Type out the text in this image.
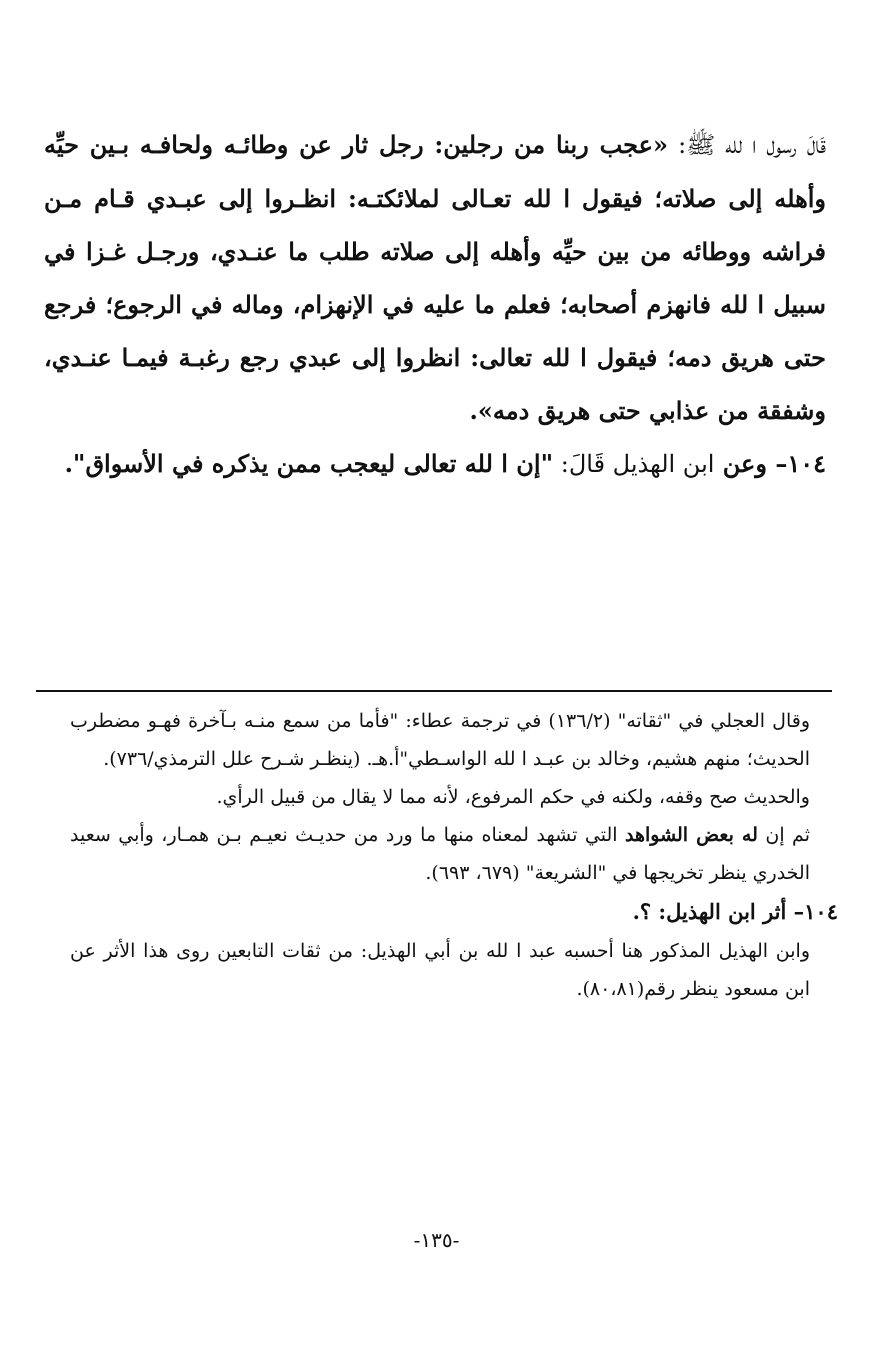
قَالَ رسول ا لله ﷺ: «عجب ربنا من رجلين: رجل ثار عن وطائـه ولحافـه بـين حيِّه وأهله إلى صلاته؛ فيقول ا لله تعـالى لملائكتـه: انظـروا إلى عبـدي قـام مـن فراشه ووطائه من بين حيِّه وأهله إلى صلاته طلب ما عنـدي، ورجـل غـزا في سبيل ا لله فانهزم أصحابه؛ فعلم ما عليه في الإنهزام، وماله في الرجوع؛ فرجع حتى هريق دمه؛ فيقول ا لله تعالى: انظروا إلى عبدي رجع رغبـة فيمـا عنـدي، وشفقة من عذابي حتى هريق دمه».

١٠٤– وعن ابن الهذيل قَالَ: "إن ا لله تعالى ليعجب ممن يذكره في الأسواق".

وقال العجلي في "ثقاته" (١٣٦/٢) في ترجمة عطاء: "فأما من سمع منـه بـآخرة فهـو مضطرب الحديث؛ منهم هشيم، وخالد بن عبـد ا لله الواسـطي"أ.هـ. (ينظـر شـرح علل الترمذي/٧٣٦).

والحديث صح وقفه، ولكنه في حكم المرفوع، لأنه مما لا يقال من قبيل الرأي.

ثم إن له بعض الشواهد التي تشهد لمعناه منها ما ورد من حديـث نعيـم بـن همـار، وأبي سعيد الخدري ينظر تخريجها في "الشريعة" (٦٧٩، ٦٩٣).

١٠٤– أثر ابن الهذيل: ؟.

وابن الهذيل المذكور هنا أحسبه عبد ا لله بن أبي الهذيل: من ثقات التابعين روى هذا الأثر عن ابن مسعود ينظر رقم(٨٠،٨١).

-١٣٥-
